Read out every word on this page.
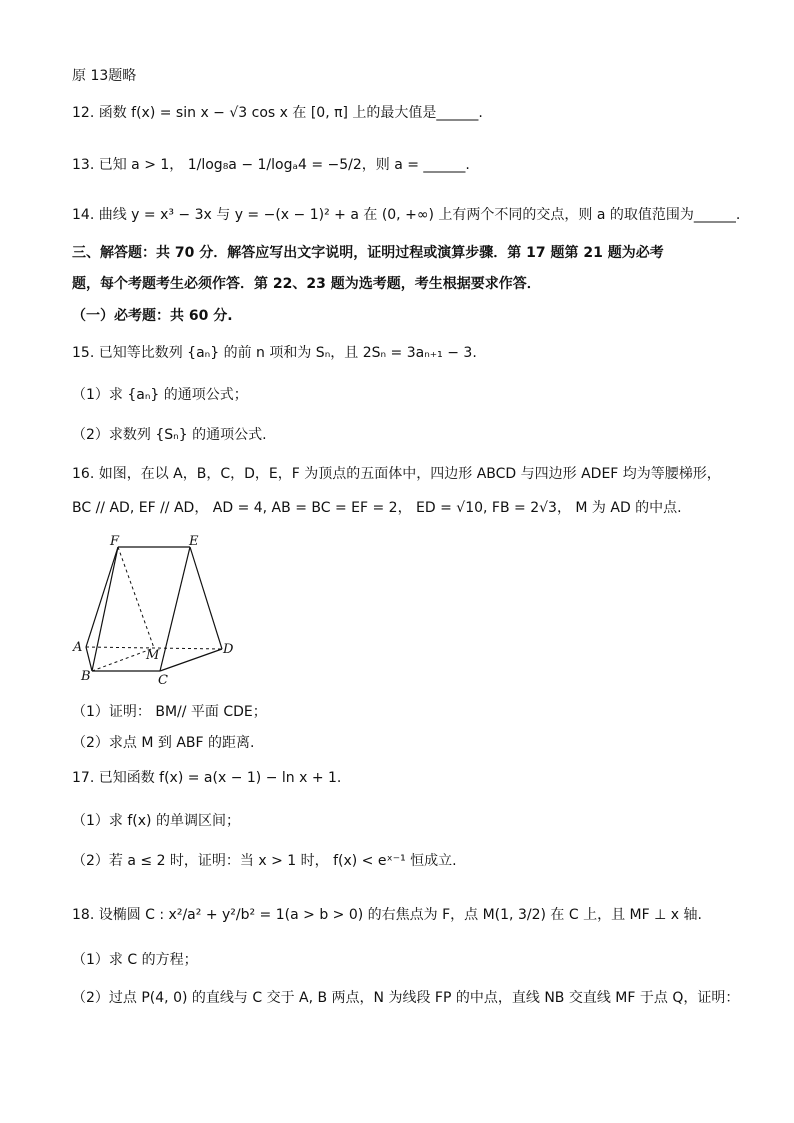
原 13题略
12. 函数 f(x) = sin x − √3 cos x 在 [0, π] 上的最大值是______.
13. 已知 a > 1， 1/log₈a − 1/logₐ4 = −5/2，则 a = ______.
14. 曲线 y = x³ − 3x 与 y = −(x − 1)² + a 在 (0, +∞) 上有两个不同的交点，则 a 的取值范围为______.
三、解答题：共 70 分．解答应写出文字说明，证明过程或演算步骤．第 17 题第 21 题为必考
题，每个考题考生必须作答．第 22、23 题为选考题，考生根据要求作答．
（一）必考题：共 60 分.
15. 已知等比数列 {aₙ} 的前 n 项和为 Sₙ，且 2Sₙ = 3aₙ₊₁ − 3.
（1）求 {aₙ} 的通项公式；
（2）求数列 {Sₙ} 的通项公式.
16. 如图，在以 A，B，C，D，E，F 为顶点的五面体中，四边形 ABCD 与四边形 ADEF 均为等腰梯形，
BC // AD, EF // AD， AD = 4, AB = BC = EF = 2， ED = √10, FB = 2√3， M 为 AD 的中点.
F	E
A
B	C
D
M
（1）证明： BM// 平面 CDE；
（2）求点 M 到 ABF 的距离.
17. 已知函数 f(x) = a(x − 1) − ln x + 1.
（1）求 f(x) 的单调区间；
（2）若 a ≤ 2 时，证明：当 x > 1 时， f(x) < eˣ⁻¹ 恒成立.
18. 设椭圆 C : x²/a² + y²/b² = 1(a > b > 0) 的右焦点为 F，点 M(1, 3/2) 在 C 上，且 MF ⊥ x 轴.
（1）求 C 的方程；
（2）过点 P(4, 0) 的直线与 C 交于 A, B 两点，N 为线段 FP 的中点，直线 NB 交直线 MF 于点 Q，证明：
